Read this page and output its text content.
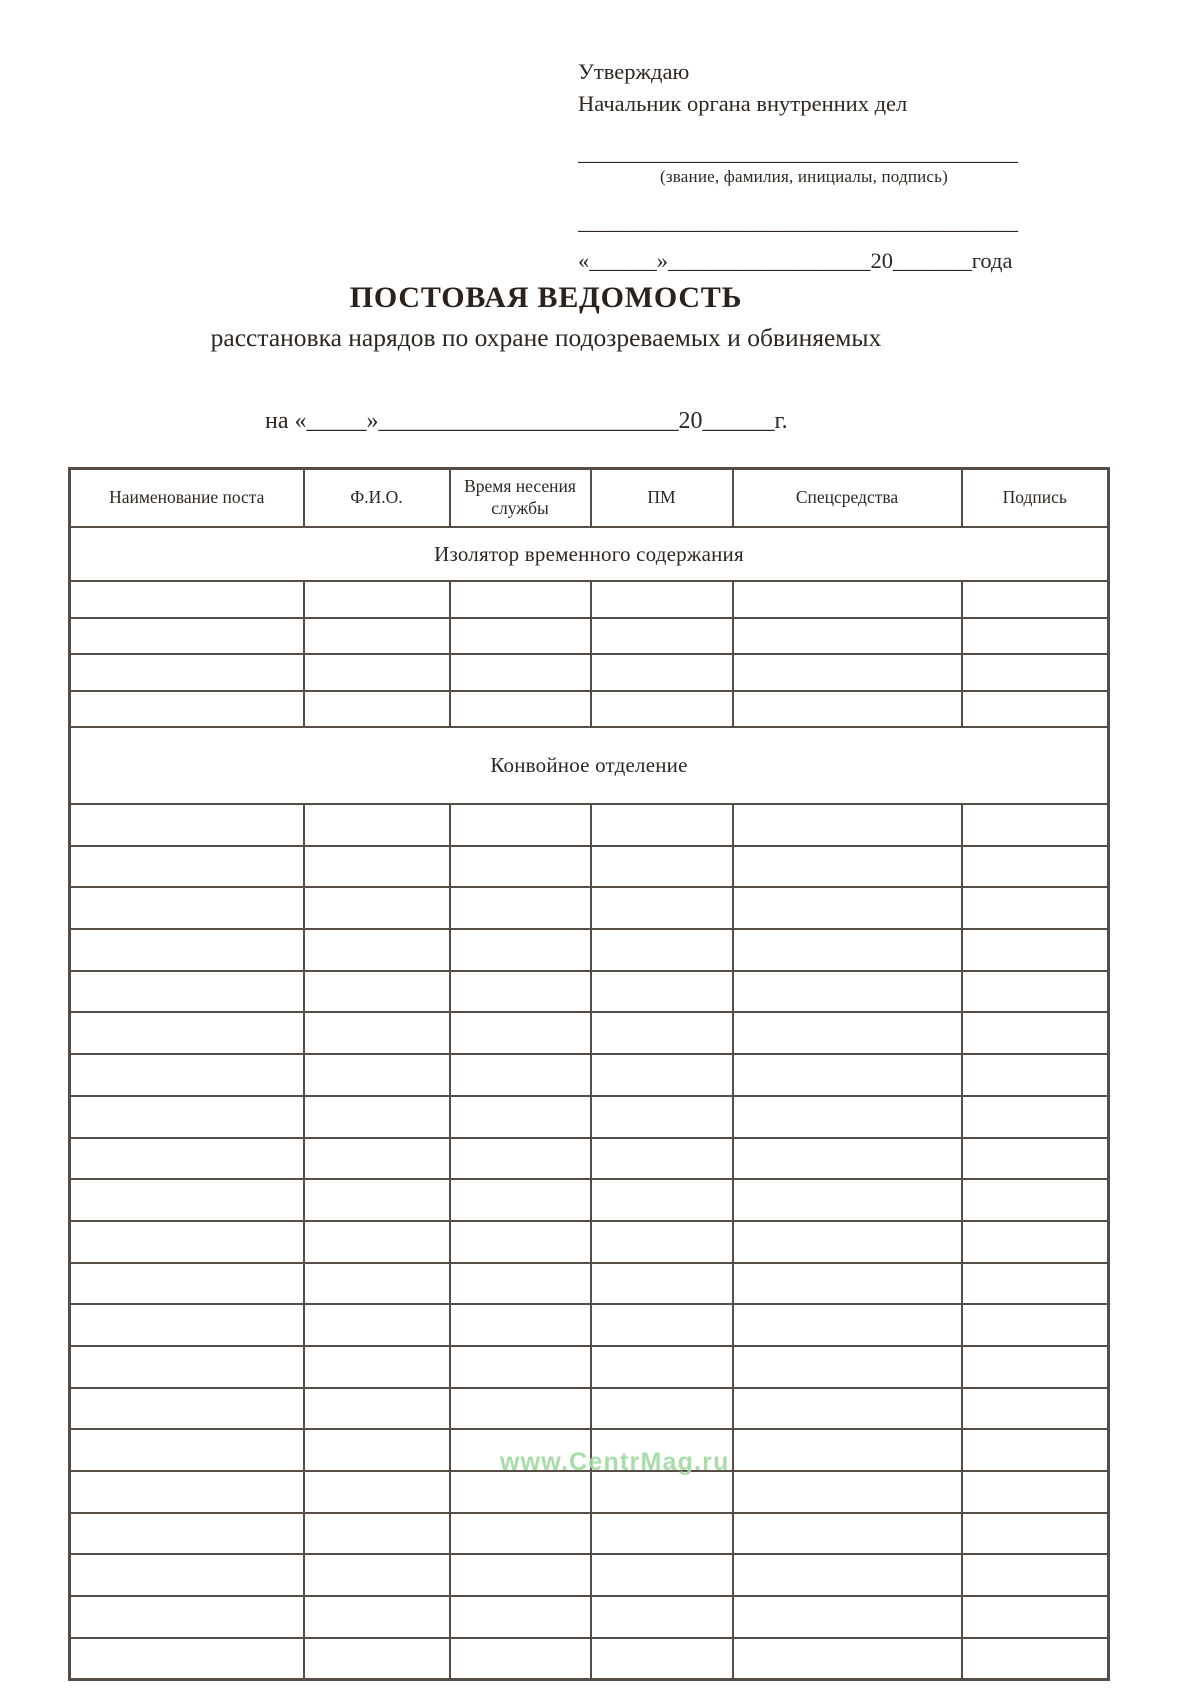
Утверждаю
Начальник органа внутренних дел
________________________________________
(звание, фамилия, инициалы, подпись)
________________________________________
«______»__________________20_______года
ПОСТОВАЯ ВЕДОМОСТЬ
расстановка нарядов по охране подозреваемых и обвиняемых
на «_____»_________________________20______г.
Наименование поста	Ф.И.О.	Время несения службы	ПМ	Спецсредства	Подпись
Изолятор временного содержания					

Конвойное отделение					

www.CentrMag.ru
